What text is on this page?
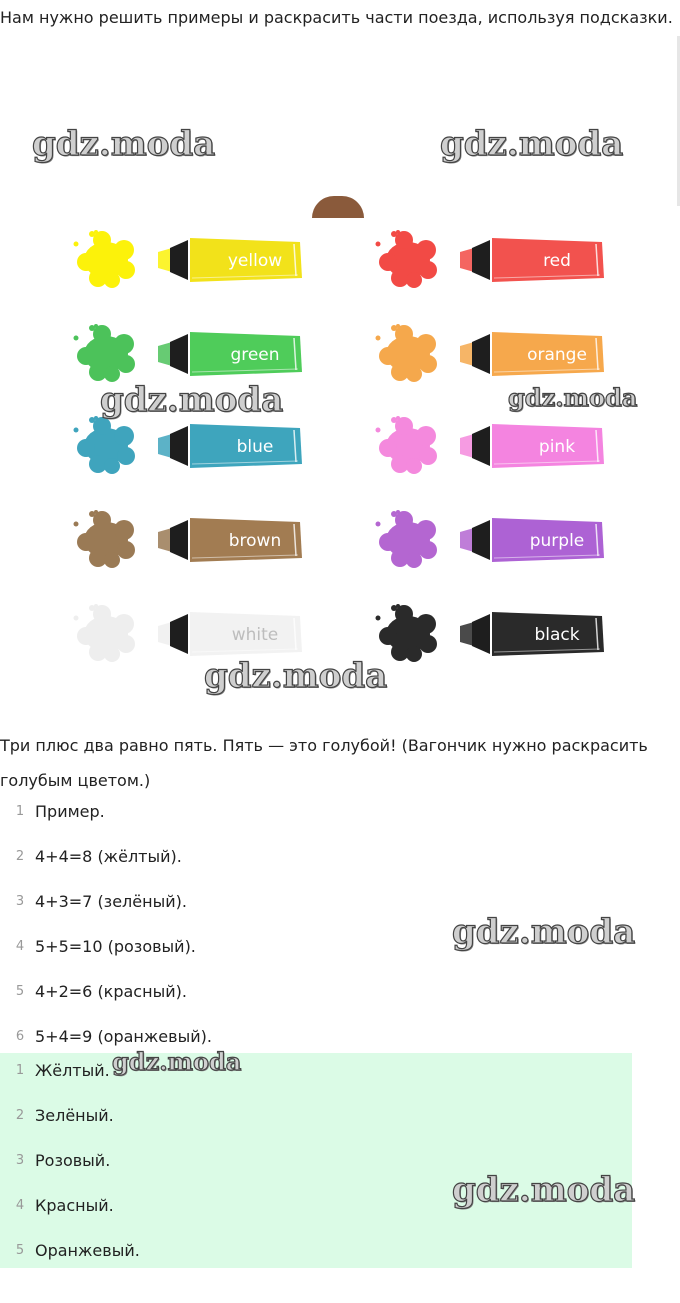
Нам нужно решить примеры и раскрасить части поезда, используя подсказки.
yellow	red
green	orange
blue	pink
brown	purple
white	black
Три плюс два равно пять. Пять — это голубой! (Вагончик нужно раскрасить голубым цветом.)
1 Пример.
2 4+4=8 (жёлтый).
3 4+3=7 (зелёный).
4 5+5=10 (розовый).
5 4+2=6 (красный).
6 5+4=9 (оранжевый).
1 Жёлтый.
2 Зелёный.
3 Розовый.
4 Красный.
5 Оранжевый.
gdz.moda	gdz.moda
gdz.moda	gdz.moda
gdz.moda
gdz.moda
gdz.moda
gdz.moda
